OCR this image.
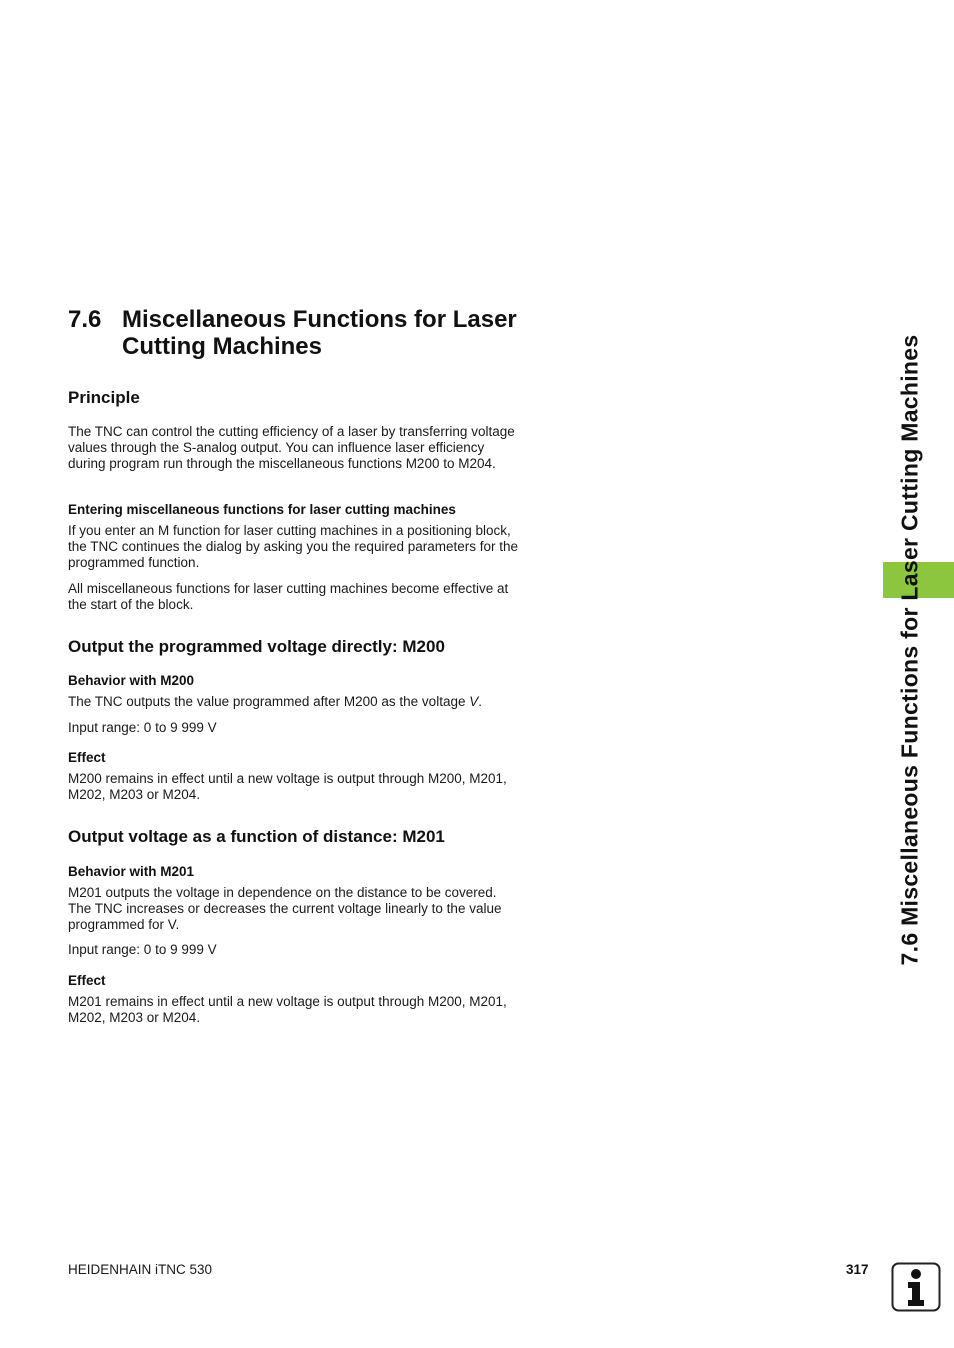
7.6 Miscellaneous Functions for Laser Cutting Machines
Principle
The TNC can control the cutting efficiency of a laser by transferring voltage values through the S-analog output. You can influence laser efficiency during program run through the miscellaneous functions M200 to M204.
Entering miscellaneous functions for laser cutting machines
If you enter an M function for laser cutting machines in a positioning block, the TNC continues the dialog by asking you the required parameters for the programmed function.
All miscellaneous functions for laser cutting machines become effective at the start of the block.
Output the programmed voltage directly: M200
Behavior with M200
The TNC outputs the value programmed after M200 as the voltage V.
Input range: 0 to 9 999 V
Effect
M200 remains in effect until a new voltage is output through M200, M201, M202, M203 or M204.
Output voltage as a function of distance: M201
Behavior with M201
M201 outputs the voltage in dependence on the distance to be covered. The TNC increases or decreases the current voltage linearly to the value programmed for V.
Input range: 0 to 9 999 V
Effect
M201 remains in effect until a new voltage is output through M200, M201, M202, M203 or M204.
7.6 Miscellaneous Functions for Laser Cutting Machines
HEIDENHAIN iTNC 530	317
